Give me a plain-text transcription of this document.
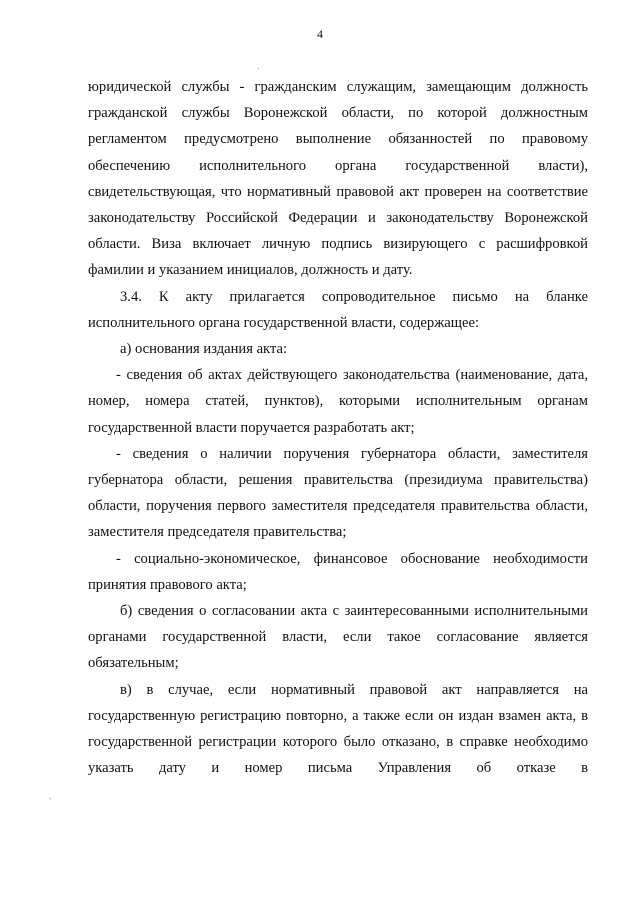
4

юридической службы - гражданским служащим, замещающим должность гражданской службы Воронежской области, по которой должностным регламентом предусмотрено выполнение обязанностей по правовому обеспечению исполнительного органа государственной власти), свидетельствующая, что нормативный правовой акт проверен на соответствие законодательству Российской Федерации и законодательству Воронежской области. Виза включает личную подпись визирующего с расшифровкой фамилии и указанием инициалов, должность и дату.

3.4. К акту прилагается сопроводительное письмо на бланке исполнительного органа государственной власти, содержащее:

а) основания издания акта:

- сведения об актах действующего законодательства (наименование, дата, номер, номера статей, пунктов), которыми исполнительным органам государственной власти поручается разработать акт;

- сведения о наличии поручения губернатора области, заместителя губернатора области, решения правительства (президиума правительства) области, поручения первого заместителя председателя правительства области, заместителя председателя правительства;

- социально-экономическое, финансовое обоснование необходимости принятия правового акта;

б) сведения о согласовании акта с заинтересованными исполнительными органами государственной власти, если такое согласование является обязательным;

в) в случае, если нормативный правовой акт направляется на государственную регистрацию повторно, а также если он издан взамен акта, в государственной регистрации которого было отказано, в справке необходимо указать дату и номер письма Управления об отказе в
